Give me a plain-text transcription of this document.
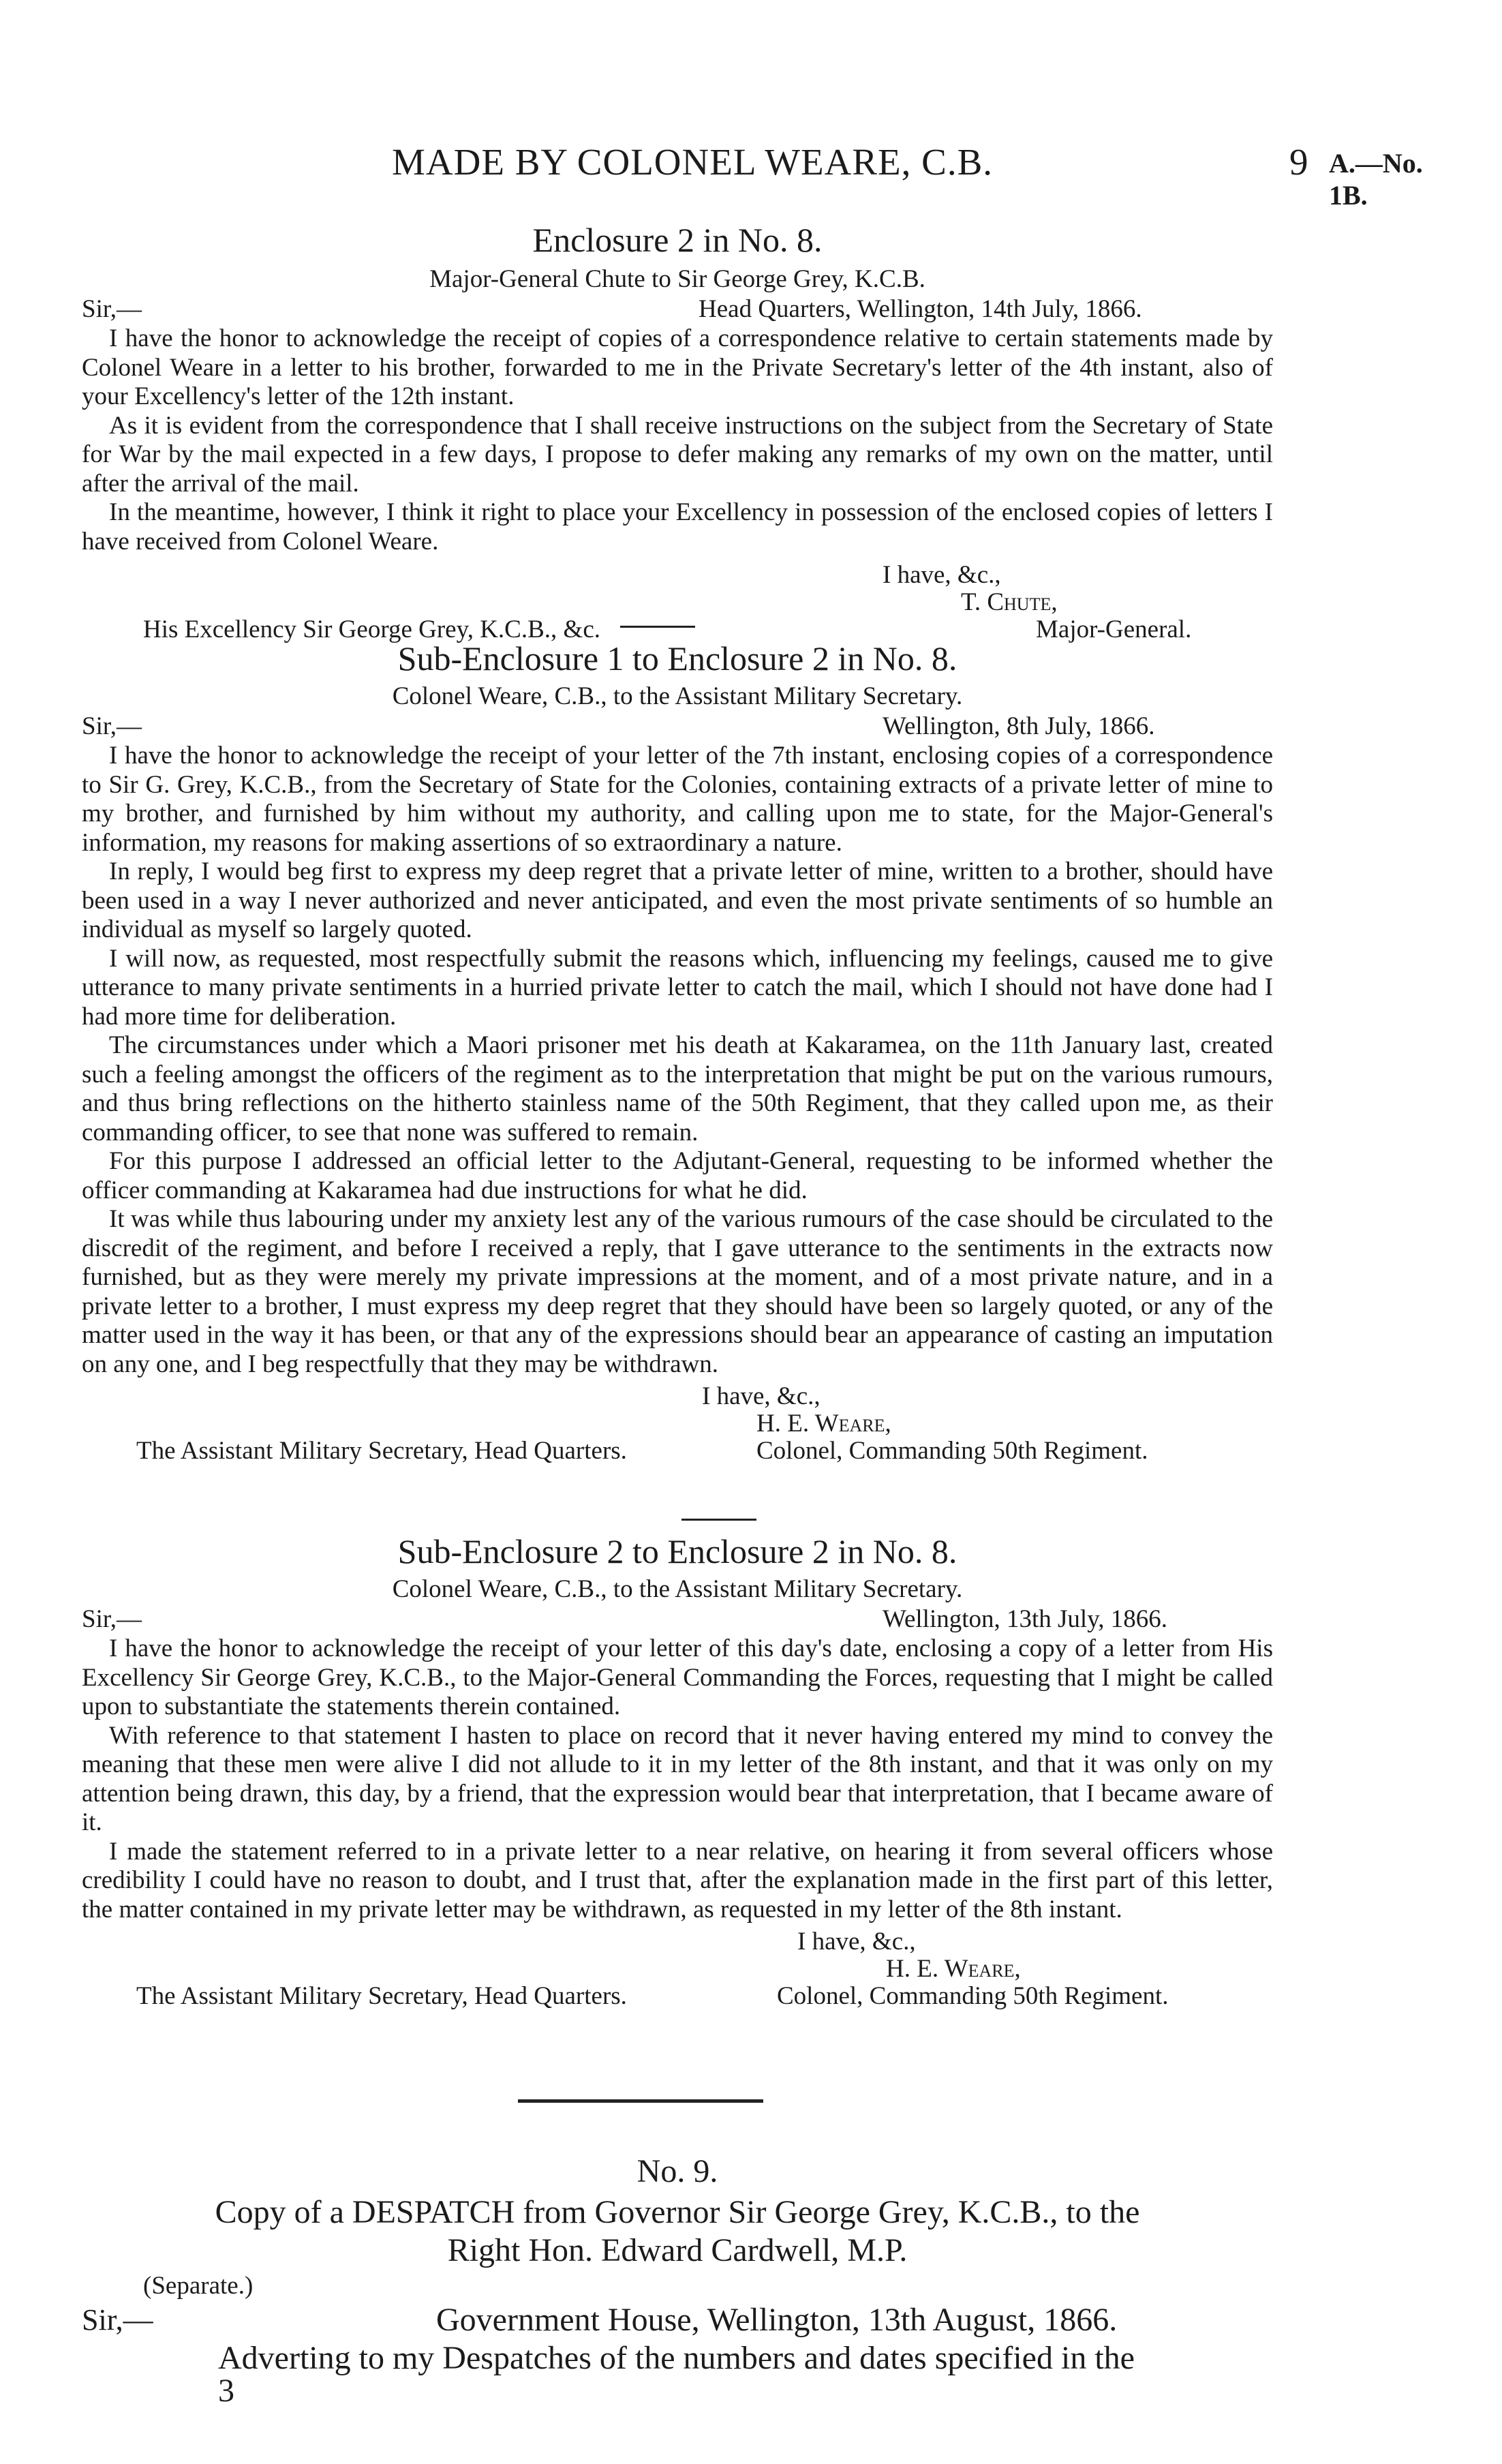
MADE BY COLONEL WEARE, C.B.	9 A.—No. 1B.
Enclosure 2 in No. 8.
Major-General Chute to Sir George Grey, K.C.B.
Sir,—	Head Quarters, Wellington, 14th July, 1866.

I have the honor to acknowledge the receipt of copies of a correspondence relative to certain statements made by Colonel Weare in a letter to his brother, forwarded to me in the Private Secretary's letter of the 4th instant, also of your Excellency's letter of the 12th instant.

As it is evident from the correspondence that I shall receive instructions on the subject from the Secretary of State for War by the mail expected in a few days, I propose to defer making any remarks of my own on the matter, until after the arrival of the mail.

In the meantime, however, I think it right to place your Excellency in possession of the enclosed copies of letters I have received from Colonel Weare.

I have, &c.,
T. Chute,
His Excellency Sir George Grey, K.C.B., &c.	Major-General.
Sub-Enclosure 1 to Enclosure 2 in No. 8.
Colonel Weare, C.B., to the Assistant Military Secretary.
Sir,—	Wellington, 8th July, 1866.

I have the honor to acknowledge the receipt of your letter of the 7th instant, enclosing copies of a correspondence to Sir G. Grey, K.C.B., from the Secretary of State for the Colonies, containing extracts of a private letter of mine to my brother, and furnished by him without my authority, and calling upon me to state, for the Major-General's information, my reasons for making assertions of so extraordinary a nature.

In reply, I would beg first to express my deep regret that a private letter of mine, written to a brother, should have been used in a way I never authorized and never anticipated, and even the most private sentiments of so humble an individual as myself so largely quoted.

I will now, as requested, most respectfully submit the reasons which, influencing my feelings, caused me to give utterance to many private sentiments in a hurried private letter to catch the mail, which I should not have done had I had more time for deliberation.

The circumstances under which a Maori prisoner met his death at Kakaramea, on the 11th January last, created such a feeling amongst the officers of the regiment as to the interpretation that might be put on the various rumours, and thus bring reflections on the hitherto stainless name of the 50th Regiment, that they called upon me, as their commanding officer, to see that none was suffered to remain.

For this purpose I addressed an official letter to the Adjutant-General, requesting to be informed whether the officer commanding at Kakaramea had due instructions for what he did.

It was while thus labouring under my anxiety lest any of the various rumours of the case should be circulated to the discredit of the regiment, and before I received a reply, that I gave utterance to the sentiments in the extracts now furnished, but as they were merely my private impressions at the moment, and of a most private nature, and in a private letter to a brother, I must express my deep regret that they should have been so largely quoted, or any of the matter used in the way it has been, or that any of the expressions should bear an appearance of casting an imputation on any one, and I beg respectfully that they may be withdrawn.

I have, &c.,
H. E. Weare,
The Assistant Military Secretary, Head Quarters.	Colonel, Commanding 50th Regiment.
Sub-Enclosure 2 to Enclosure 2 in No. 8.
Colonel Weare, C.B., to the Assistant Military Secretary.
Sir,—	Wellington, 13th July, 1866.

I have the honor to acknowledge the receipt of your letter of this day's date, enclosing a copy of a letter from His Excellency Sir George Grey, K.C.B., to the Major-General Commanding the Forces, requesting that I might be called upon to substantiate the statements therein contained.

With reference to that statement I hasten to place on record that it never having entered my mind to convey the meaning that these men were alive I did not allude to it in my letter of the 8th instant, and that it was only on my attention being drawn, this day, by a friend, that the expression would bear that interpretation, that I became aware of it.

I made the statement referred to in a private letter to a near relative, on hearing it from several officers whose credibility I could have no reason to doubt, and I trust that, after the explanation made in the first part of this letter, the matter contained in my private letter may be withdrawn, as requested in my letter of the 8th instant.

I have, &c.,
H. E. Weare,
The Assistant Military Secretary, Head Quarters.	Colonel, Commanding 50th Regiment.
No. 9.
Copy of a DESPATCH from Governor Sir George Grey, K.C.B., to the
Right Hon. Edward Cardwell, M.P.
(Separate.)
Sir,—	Government House, Wellington, 13th August, 1866.
Adverting to my Despatches of the numbers and dates specified in the
3
